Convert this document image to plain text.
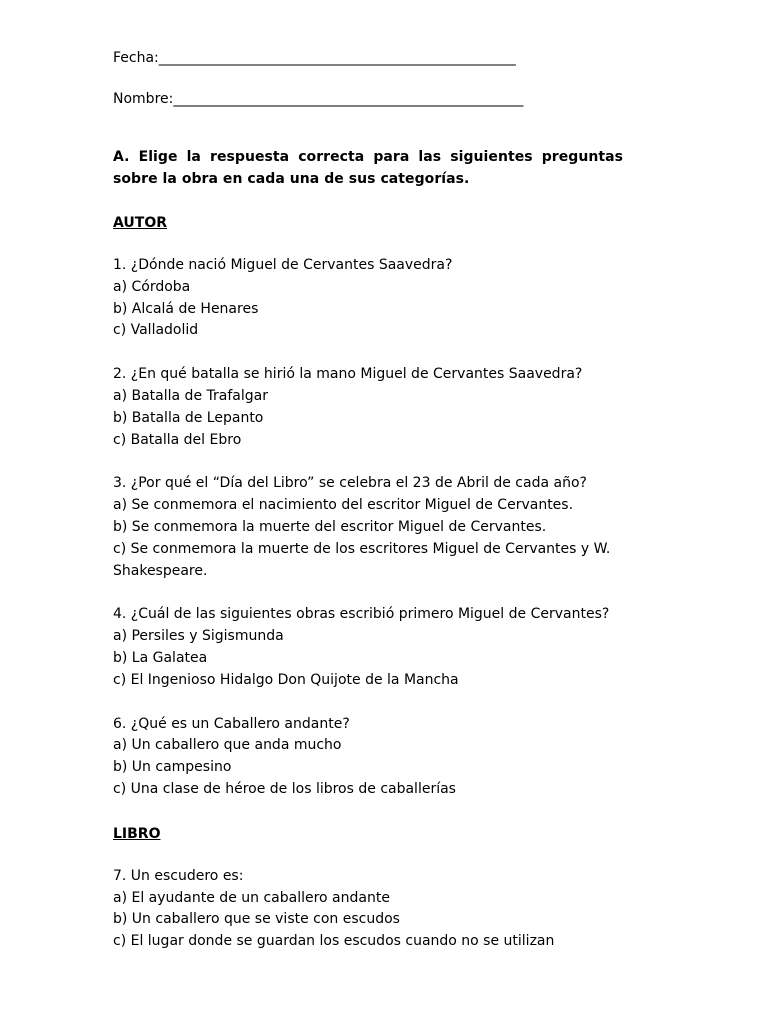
Fecha:___________________________________________________
Nombre:__________________________________________________
A. Elige la respuesta correcta para las siguientes preguntas sobre la obra en cada una de sus categorías.
AUTOR
1. ¿Dónde nació Miguel de Cervantes Saavedra?
a) Córdoba
b) Alcalá de Henares
c) Valladolid
2. ¿En qué batalla se hirió la mano Miguel de Cervantes Saavedra?
a) Batalla de Trafalgar
b) Batalla de Lepanto
c) Batalla del Ebro
3. ¿Por qué el “Día del Libro” se celebra el 23 de Abril de cada año?
a) Se conmemora el nacimiento del escritor Miguel de Cervantes.
b) Se conmemora la muerte del escritor Miguel de Cervantes.
c) Se conmemora la muerte de los escritores Miguel de Cervantes y W. Shakespeare.
4. ¿Cuál de las siguientes obras escribió primero Miguel de Cervantes?
a) Persiles y Sigismunda
b) La Galatea
c) El Ingenioso Hidalgo Don Quijote de la Mancha
6. ¿Qué es un Caballero andante?
a) Un caballero que anda mucho
b) Un campesino
c) Una clase de héroe de los libros de caballerías
LIBRO
7. Un escudero es:
a) El ayudante de un caballero andante
b) Un caballero que se viste con escudos
c) El lugar donde se guardan los escudos cuando no se utilizan
